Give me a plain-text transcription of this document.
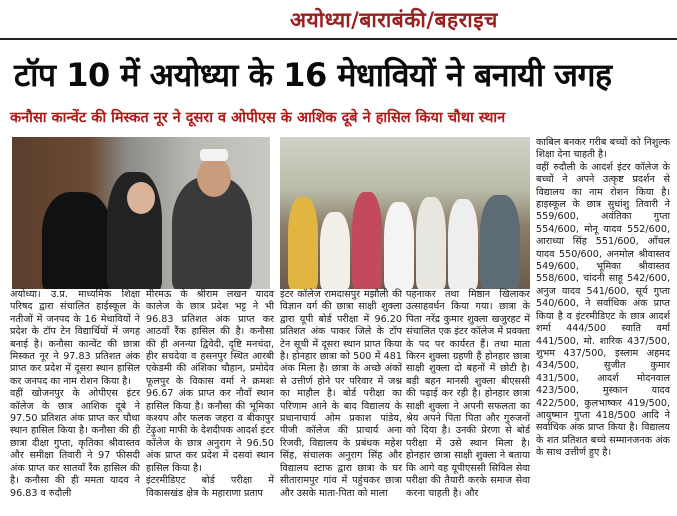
अयोध्या/बाराबंकी/बहराइच
टॉप 10 में अयोध्या के 16 मेधावियों ने बनायी जगह
कनौसा कान्वेंट की मिस्कत नूर ने दूसरा व ओपीएस के आशिक दूबे ने हासिल किया चौथा स्थान

अयोध्या। उ.प्र. माध्यमिक शिक्षा परिषद द्वारा संचालित हाईस्कूल के नतीजों में जनपद के 16 मेधावियों ने प्रदेश के टॉप टेन विद्यार्थियों में जगह बनाई है। कनौसा कान्वेंट की छात्रा मिस्कत नूर ने 97.83 प्रतिशत अंक प्राप्त कर प्रदेश में दूसरा स्थान हासिल कर जनपद का नाम रोशन किया है।

वहीं खोजनपुर के ओपीएस इंटर कॉलेज के छात्र आशिक दूबे ने 97.50 प्रतिशत अंक प्राप्त कर चौथा स्थान हासिल किया है। कनौसा की ही छात्रा दीक्षा गुप्ता, कृतिका श्रीवास्तव और समीक्षा तिवारी ने 97 फीसदी अंक प्राप्त कर सातवाँ रैंक हासिल की है। कनौसा की ही ममता यादव ने 96.83 व रुदौली

मीरमऊ के श्रीराम लखन यादव कालेज के छात्र प्रदेश भट्ट ने भी 96.83 प्रतिशत अंक प्राप्त कर आठवाँ रैंक हासिल की है। कनौसा की ही अनन्या द्विवेदी, दृष्टि मनचंदा, हीर सचदेवा व हसनपुर स्थित आरबी एकेडमी की अंशिका चौहान, प्रमोदेव फूलपुर के विकास वर्मा ने क्रमशः 96.67 अंक प्राप्त कर नौवाँ स्थान हासिल किया है। कनौसा की भूमिका कश्यप और फलक जहरा व बीकापुर टेंढ़ुआ माफी के देशदीपक आदर्श इंटर कॉलेज के छात्र अनुराग ने 96.50 अंक प्राप्त कर प्रदेश में दसवां स्थान हासिल किया है।

इंटरमीडिएट बोर्ड परीक्षा में विकासखंड क्षेत्र के महाराणा प्रताप

इंटर कॉलेज रामदासपुर मझौली की विज्ञान वर्ग की छात्रा साक्षी शुक्ला द्वारा यूपी बोर्ड परीक्षा में 96.20 प्रतिशत अंक पाकर जिले के टॉप टेन सूची में दूसरा स्थान प्राप्त किया है। होनहार छात्रा को 500 में 481 अंक मिला है। छात्रा के अच्छे अंकों से उत्तीर्ण होने पर परिवार में जश्न का माहौल है। बोर्ड परीक्षा का परिणाम आने के बाद विद्यालय के प्रधानाचार्य ओम प्रकाश पांडेय, पीजी कॉलेज की प्राचार्य अना रिजवी, विद्यालय के प्रबंधक महेश सिंह, संचालक अनुराग सिंह और विद्यालय स्टाफ द्वारा छात्रा के घर सीतारामपुर गांव में पहुंचकर छात्रा और उसके माता-पिता को माला

पहनाकर तथा मिष्ठान खिलाकर उत्साहवर्धन किया गया। छात्रा के पिता नरेंद्र कुमार शुक्ला खजुरहट में संचालित एक इंटर कॉलेज में प्रवक्ता के पद पर कार्यरत हैं। तथा माता किरन शुक्ला ग्रहणी हैं होनहार छात्रा साक्षी शुक्ला दो बहनों में छोटी है। बड़ी बहन मानसी शुक्ला बीएससी की पढ़ाई कर रही है। होनहार छात्रा साक्षी शुक्ला ने अपनी सफलता का श्रेय अपने पिता पिता और गुरुजनों को दिया है। उनकी प्रेरणा से बोर्ड परीक्षा में उसे स्थान मिला है। होनहार छात्रा साक्षी शुक्ला ने बताया कि आगे वह यूपीएससी सिविल सेवा परीक्षा की तैयारी करके समाज सेवा करना चाहती है। और

काबिल बनकर गरीब बच्चों को निशुल्क शिक्षा देना चाहती है।

वहीं रुदौली के आदर्श इंटर कॉलेज के बच्चों ने अपने उत्कृष्ट प्रदर्शन से विद्यालय का नाम रोशन किया है। हाइस्कूल के छात्र सुधांशु तिवारी ने 559/600, अवंतिका गुप्ता 554/600, मोनू यादव 552/600, आराध्या सिंह 551/600, आँचल यादव 550/600, अनमोल श्रीवास्तव 549/600, भूमिका श्रीवास्तव 558/600, चांदनी साहू 542/600, अनुज यादव 541/600, सूर्य गुप्ता 540/600, ने सर्वाधिक अंक प्राप्त किया है व इंटरमीडिएट के छात्र आदर्श शर्मा 444/500 स्वाति वर्मा 441/500, मो. शारिक 437/500, शुभम 437/500, इस्लाम अहमद 434/500, सुजीत कुमार 431/500, आदर्श मोदनवाल 423/500, मुस्कान यादव 422/500, कुलभाष्कर 419/500, आयुष्मान गुप्ता 418/500 आदि ने सर्वाधिक अंक प्राप्त किया है। विद्यालय के शत प्रतिशत बच्चे सम्मानजनक अंक के साथ उत्तीर्ण हुए है।
